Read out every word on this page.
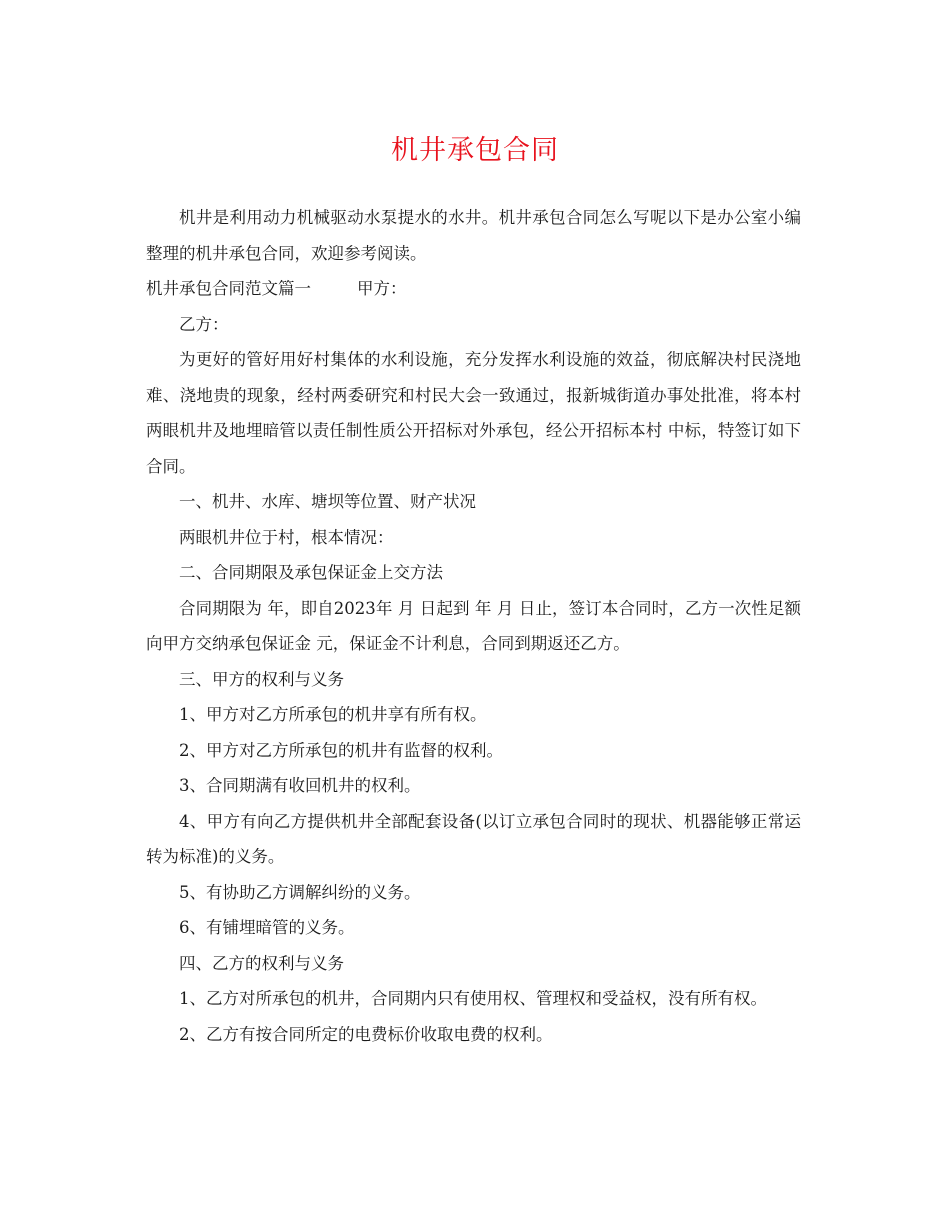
机井承包合同

机井是利用动力机械驱动水泵提水的水井。机井承包合同怎么写呢以下是办公室小编整理的机井承包合同，欢迎参考阅读。

机井承包合同范文篇一	甲方：

乙方：

为更好的管好用好村集体的水利设施，充分发挥水利设施的效益，彻底解决村民浇地难、浇地贵的现象，经村两委研究和村民大会一致通过，报新城街道办事处批准，将本村两眼机井及地埋暗管以责任制性质公开招标对外承包，经公开招标本村 中标，特签订如下合同。

一、机井、水库、塘坝等位置、财产状况

两眼机井位于村，根本情况：

二、合同期限及承包保证金上交方法

合同期限为 年，即自2023年 月 日起到 年 月 日止，签订本合同时，乙方一次性足额向甲方交纳承包保证金 元，保证金不计利息，合同到期返还乙方。

三、甲方的权利与义务

1、甲方对乙方所承包的机井享有所有权。

2、甲方对乙方所承包的机井有监督的权利。

3、合同期满有收回机井的权利。

4、甲方有向乙方提供机井全部配套设备(以订立承包合同时的现状、机器能够正常运转为标准)的义务。

5、有协助乙方调解纠纷的义务。

6、有铺埋暗管的义务。

四、乙方的权利与义务

1、乙方对所承包的机井，合同期内只有使用权、管理权和受益权，没有所有权。

2、乙方有按合同所定的电费标价收取电费的权利。
